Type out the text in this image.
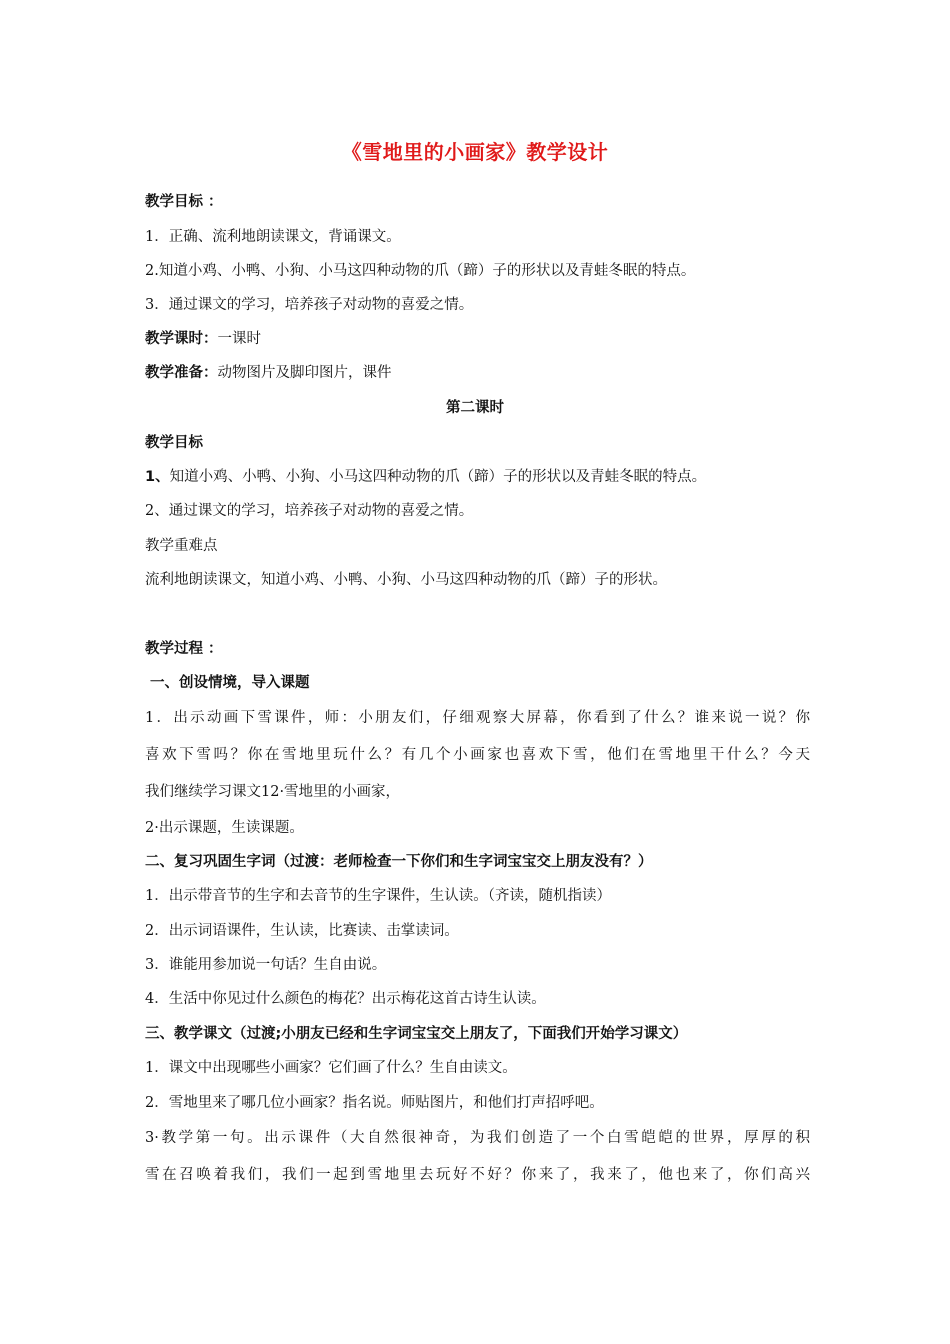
《雪地里的小画家》教学设计
教学目标 ：
1．正确、流利地朗读课文，背诵课文。
2.知道小鸡、小鸭、小狗、小马这四种动物的爪（蹄）子的形状以及青蛙冬眠的特点。
3．通过课文的学习，培养孩子对动物的喜爱之情。
教学课时：一课时
教学准备：动物图片及脚印图片，课件
第二课时
教学目标
1、知道小鸡、小鸭、小狗、小马这四种动物的爪（蹄）子的形状以及青蛙冬眠的特点。
2、通过课文的学习，培养孩子对动物的喜爱之情。
教学重难点
流利地朗读课文，知道小鸡、小鸭、小狗、小马这四种动物的爪（蹄）子的形状。
教学过程 ：
一、创设情境，导入课题
1．出示动画下雪课件，师：小朋友们，仔细观察大屏幕，你看到了什么？谁来说一说？你
喜欢下雪吗？你在雪地里玩什么？有几个小画家也喜欢下雪，他们在雪地里干什么？今天
我们继续学习课文12·雪地里的小画家，
2·出示课题，生读课题。
二、复习巩固生字词（过渡：老师检查一下你们和生字词宝宝交上朋友没有？）
1．出示带音节的生字和去音节的生字课件，生认读。（齐读，随机指读）
2．出示词语课件，生认读，比赛读、击掌读词。
3．谁能用参加说一句话？生自由说。
4．生活中你见过什么颜色的梅花？出示梅花这首古诗生认读。
三、教学课文（过渡;小朋友已经和生字词宝宝交上朋友了，下面我们开始学习课文）
1．课文中出现哪些小画家？它们画了什么？生自由读文。
2．雪地里来了哪几位小画家？指名说。师贴图片，和他们打声招呼吧。
3·教学第一句。出示课件（大自然很神奇，为我们创造了一个白雪皑皑的世界，厚厚的积
雪在召唤着我们，我们一起到雪地里去玩好不好？你来了，我来了，他也来了，你们高兴
